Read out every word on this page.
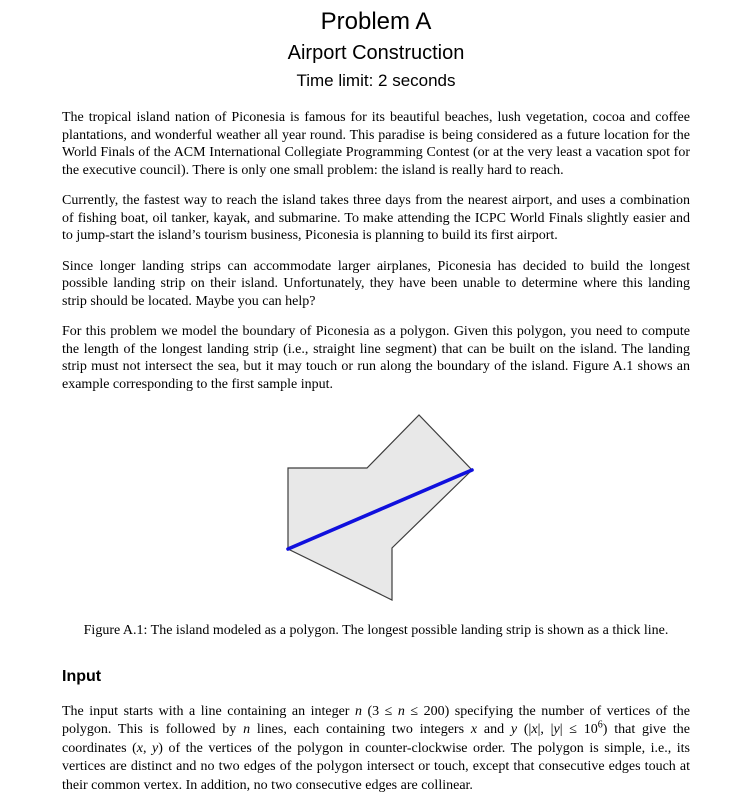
Problem A
Airport Construction
Time limit: 2 seconds

The tropical island nation of Piconesia is famous for its beautiful beaches, lush vegetation, cocoa and coffee plantations, and wonderful weather all year round. This paradise is being considered as a future location for the World Finals of the ACM International Collegiate Programming Contest (or at the very least a vacation spot for the executive council). There is only one small problem: the island is really hard to reach.

Currently, the fastest way to reach the island takes three days from the nearest airport, and uses a combination of fishing boat, oil tanker, kayak, and submarine. To make attending the ICPC World Finals slightly easier and to jump-start the island’s tourism business, Piconesia is planning to build its first airport.

Since longer landing strips can accommodate larger airplanes, Piconesia has decided to build the longest possible landing strip on their island. Unfortunately, they have been unable to determine where this landing strip should be located. Maybe you can help?

For this problem we model the boundary of Piconesia as a polygon. Given this polygon, you need to compute the length of the longest landing strip (i.e., straight line segment) that can be built on the island. The landing strip must not intersect the sea, but it may touch or run along the boundary of the island. Figure A.1 shows an example corresponding to the first sample input.

Figure A.1: The island modeled as a polygon. The longest possible landing strip is shown as a thick line.

Input

The input starts with a line containing an integer n (3 ≤ n ≤ 200) specifying the number of vertices of the polygon. This is followed by n lines, each containing two integers x and y (|x|, $|y| \le 10^6$) that give the coordinates (x, y) of the vertices of the polygon in counter-clockwise order. The polygon is simple, i.e., its vertices are distinct and no two edges of the polygon intersect or touch, except that consecutive edges touch at their common vertex. In addition, no two consecutive edges are collinear.
